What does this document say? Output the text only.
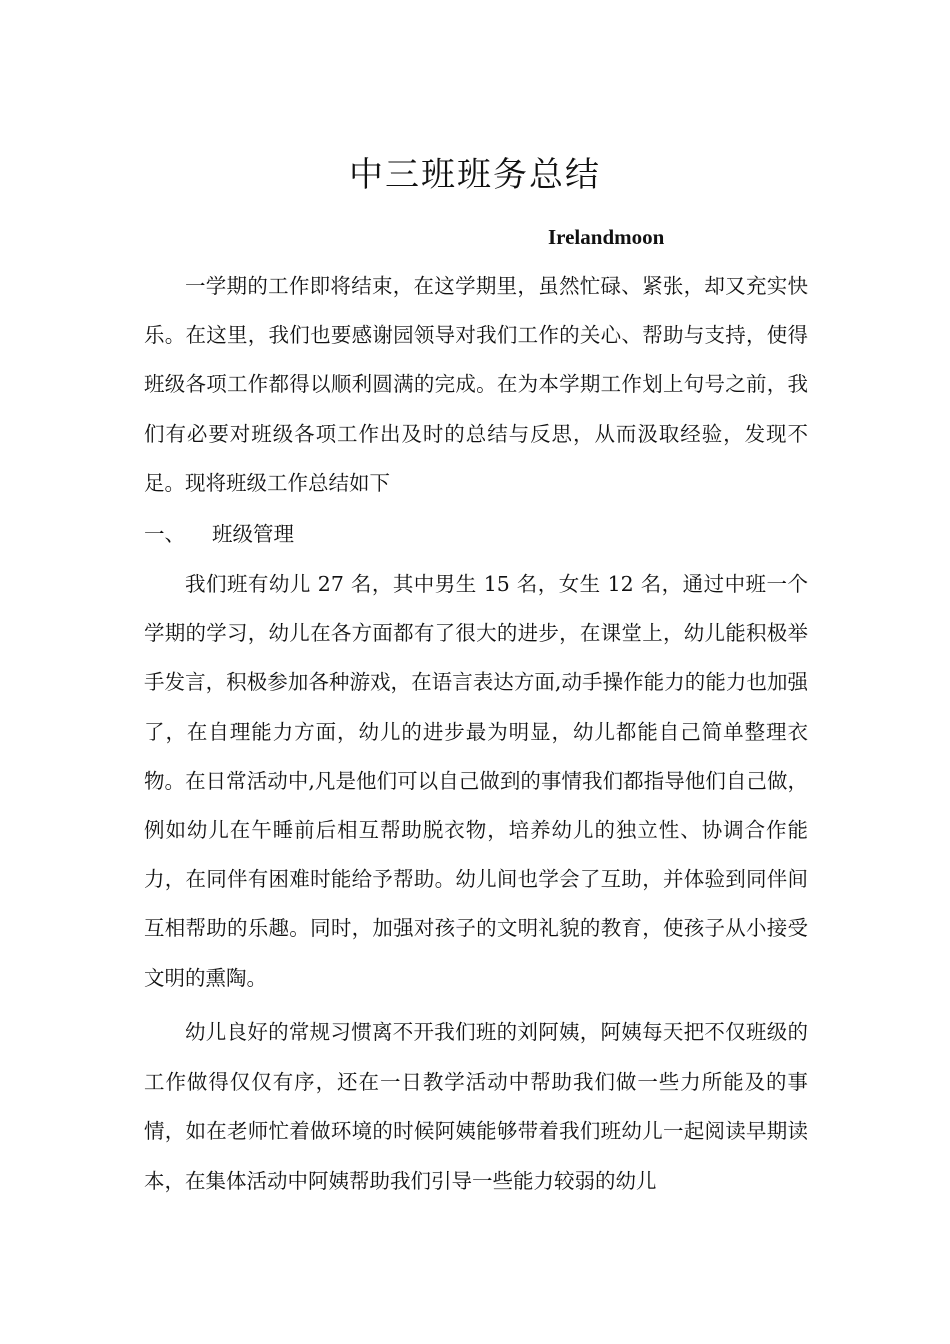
中三班班务总结
Irelandmoon
一学期的工作即将结束，在这学期里，虽然忙碌、紧张，却又充实快乐。在这里，我们也要感谢园领导对我们工作的关心、帮助与支持，使得班级各项工作都得以顺利圆满的完成。在为本学期工作划上句号之前，我们有必要对班级各项工作出及时的总结与反思，从而汲取经验，发现不足。现将班级工作总结如下
一、 班级管理
我们班有幼儿 27 名，其中男生 15 名，女生 12 名，通过中班一个学期的学习，幼儿在各方面都有了很大的进步，在课堂上，幼儿能积极举手发言，积极参加各种游戏，在语言表达方面,动手操作能力的能力也加强了，在自理能力方面，幼儿的进步最为明显，幼儿都能自己简单整理衣物。在日常活动中,凡是他们可以自己做到的事情我们都指导他们自己做，例如幼儿在午睡前后相互帮助脱衣物，培养幼儿的独立性、协调合作能力，在同伴有困难时能给予帮助。幼儿间也学会了互助，并体验到同伴间互相帮助的乐趣。同时，加强对孩子的文明礼貌的教育，使孩子从小接受文明的熏陶。
幼儿良好的常规习惯离不开我们班的刘阿姨，阿姨每天把不仅班级的工作做得仅仅有序，还在一日教学活动中帮助我们做一些力所能及的事情，如在老师忙着做环境的时候阿姨能够带着我们班幼儿一起阅读早期读本，在集体活动中阿姨帮助我们引导一些能力较弱的幼儿
